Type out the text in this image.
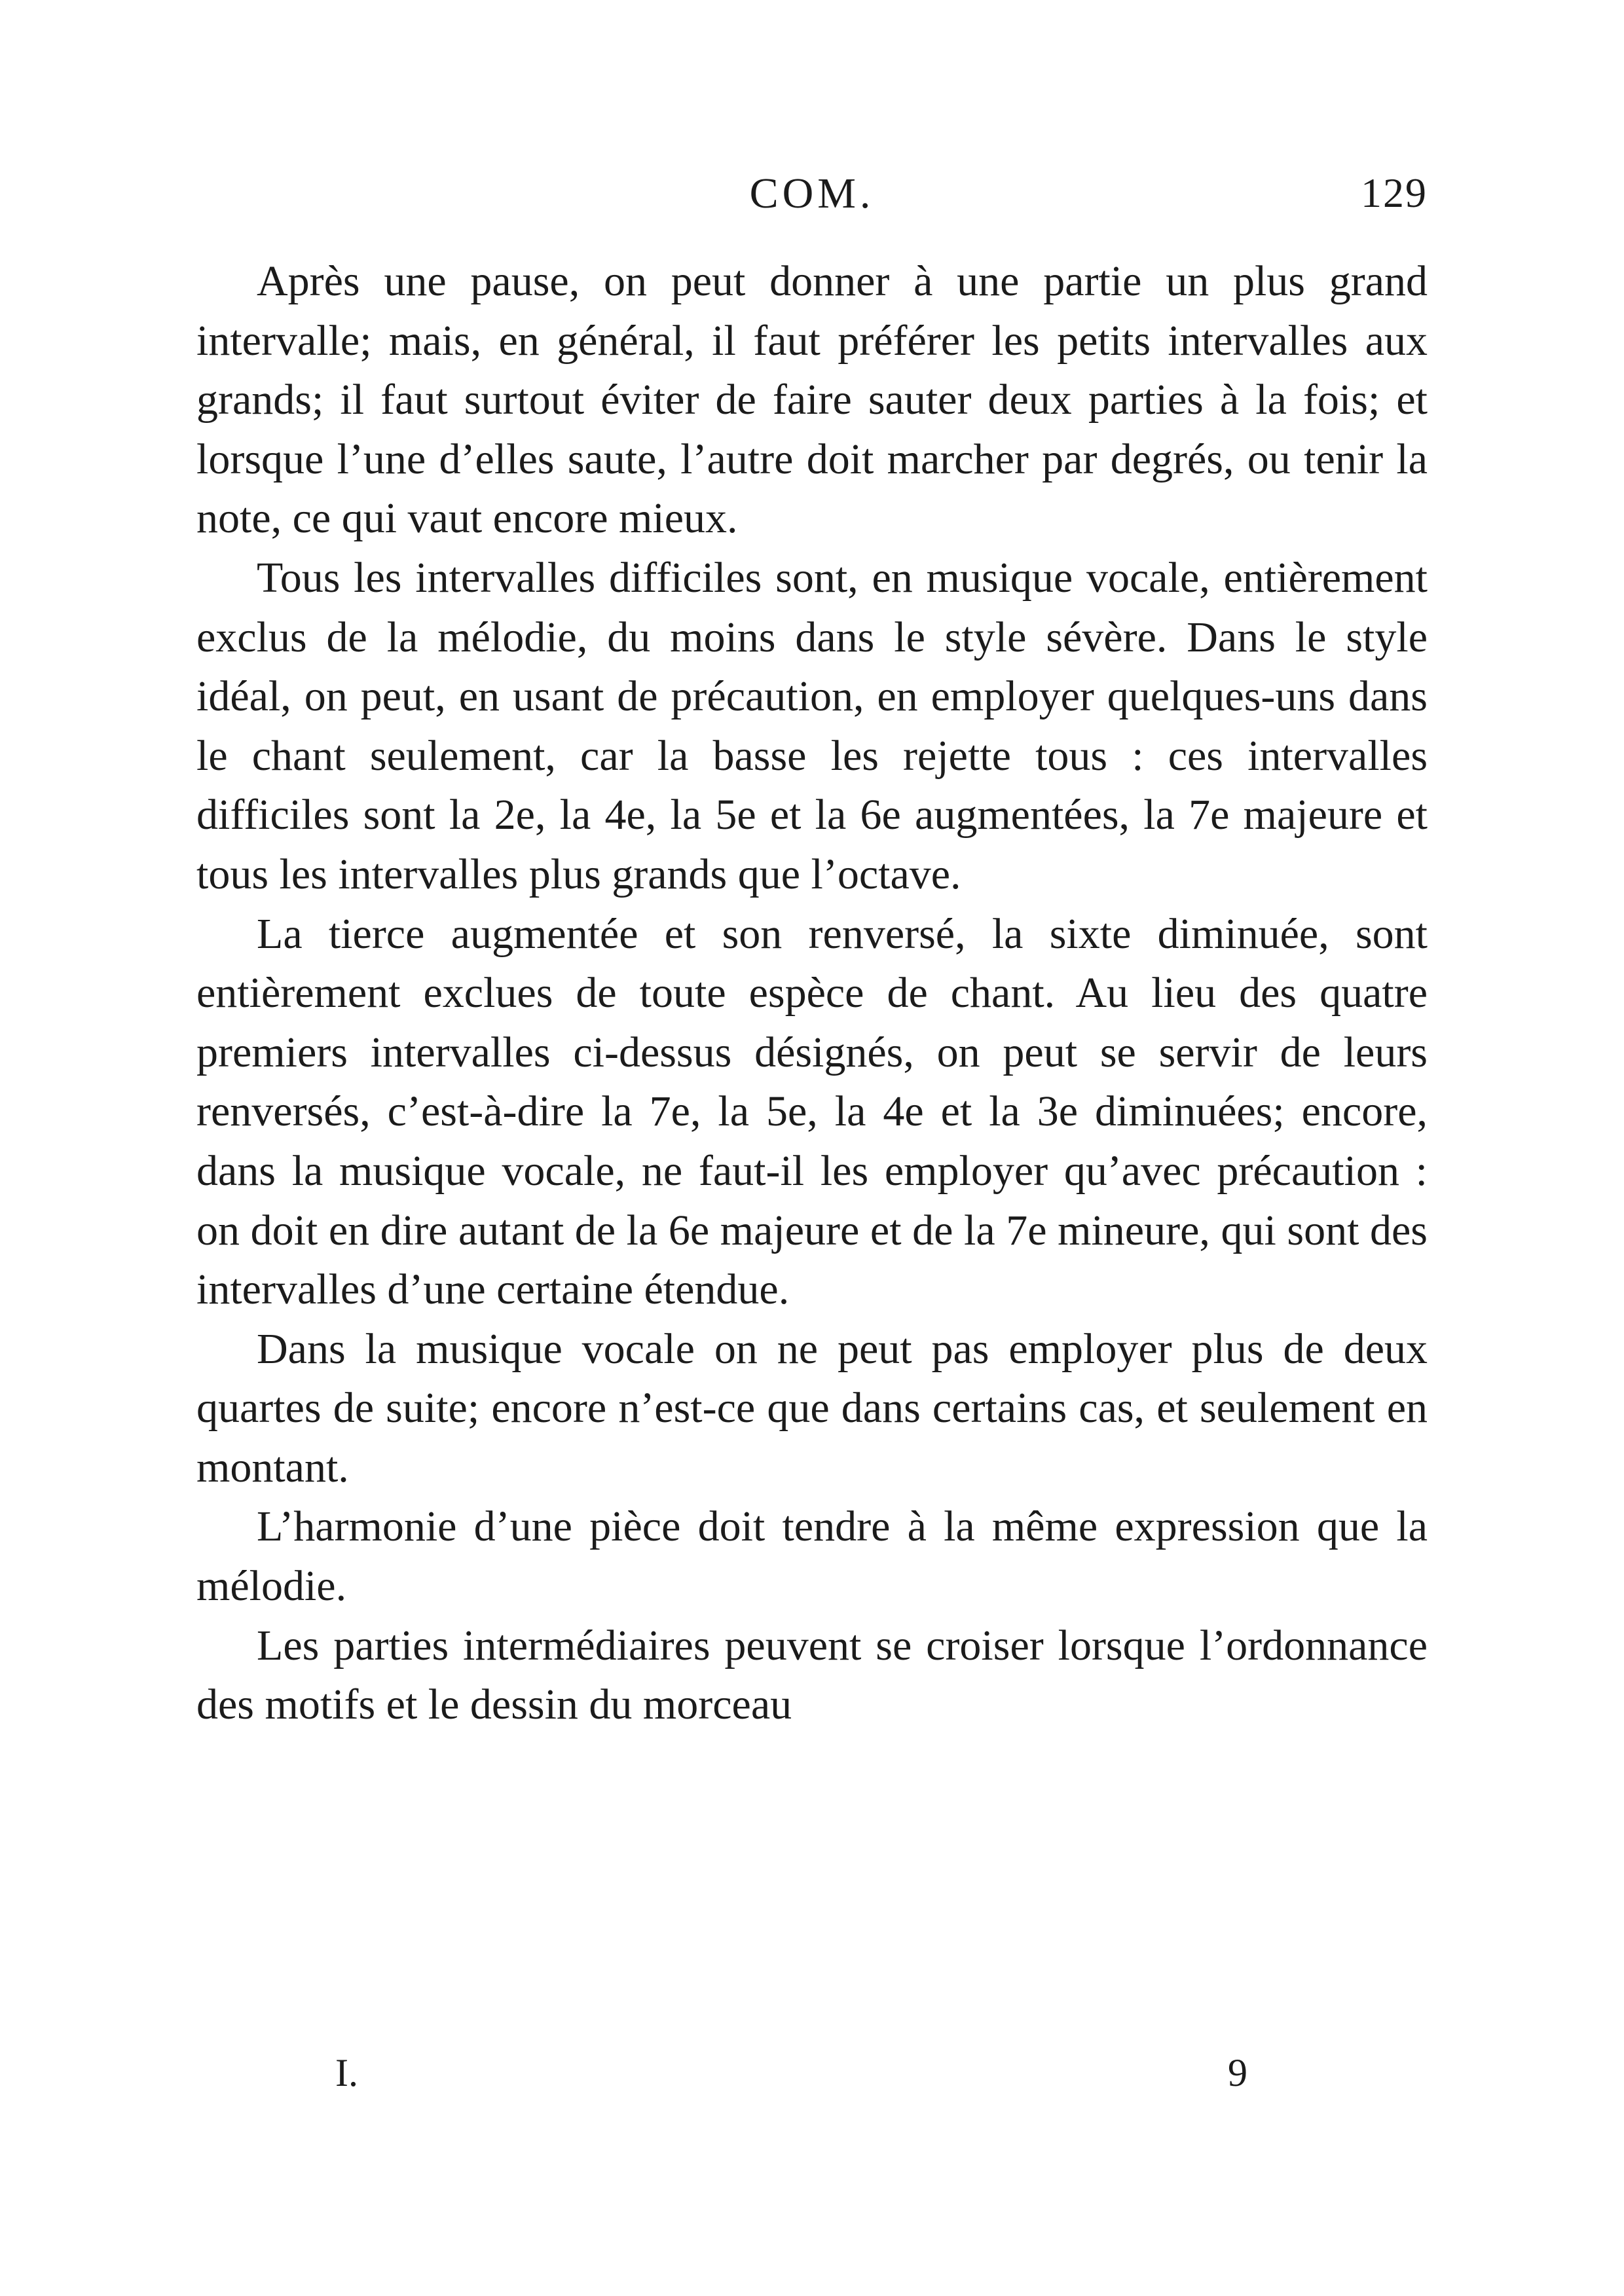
COM.	129

Après une pause, on peut donner à une partie un plus grand intervalle; mais, en général, il faut préférer les petits intervalles aux grands; il faut surtout éviter de faire sauter deux parties à la fois; et lorsque l’une d’elles saute, l’autre doit marcher par degrés, ou tenir la note, ce qui vaut encore mieux.

Tous les intervalles difficiles sont, en musique vocale, entièrement exclus de la mélodie, du moins dans le style sévère. Dans le style idéal, on peut, en usant de précaution, en employer quelques-uns dans le chant seulement, car la basse les rejette tous : ces intervalles difficiles sont la 2e, la 4e, la 5e et la 6e augmentées, la 7e majeure et tous les intervalles plus grands que l’octave.

La tierce augmentée et son renversé, la sixte diminuée, sont entièrement exclues de toute espèce de chant. Au lieu des quatre premiers intervalles ci-dessus désignés, on peut se servir de leurs renversés, c’est-à-dire la 7e, la 5e, la 4e et la 3e diminuées; encore, dans la musique vocale, ne faut-il les employer qu’avec précaution : on doit en dire autant de la 6e majeure et de la 7e mineure, qui sont des intervalles d’une certaine étendue.

Dans la musique vocale on ne peut pas employer plus de deux quartes de suite; encore n’est-ce que dans certains cas, et seulement en montant.

L’harmonie d’une pièce doit tendre à la même expression que la mélodie.

Les parties intermédiaires peuvent se croiser lorsque l’ordonnance des motifs et le dessin du morceau

I.	9
